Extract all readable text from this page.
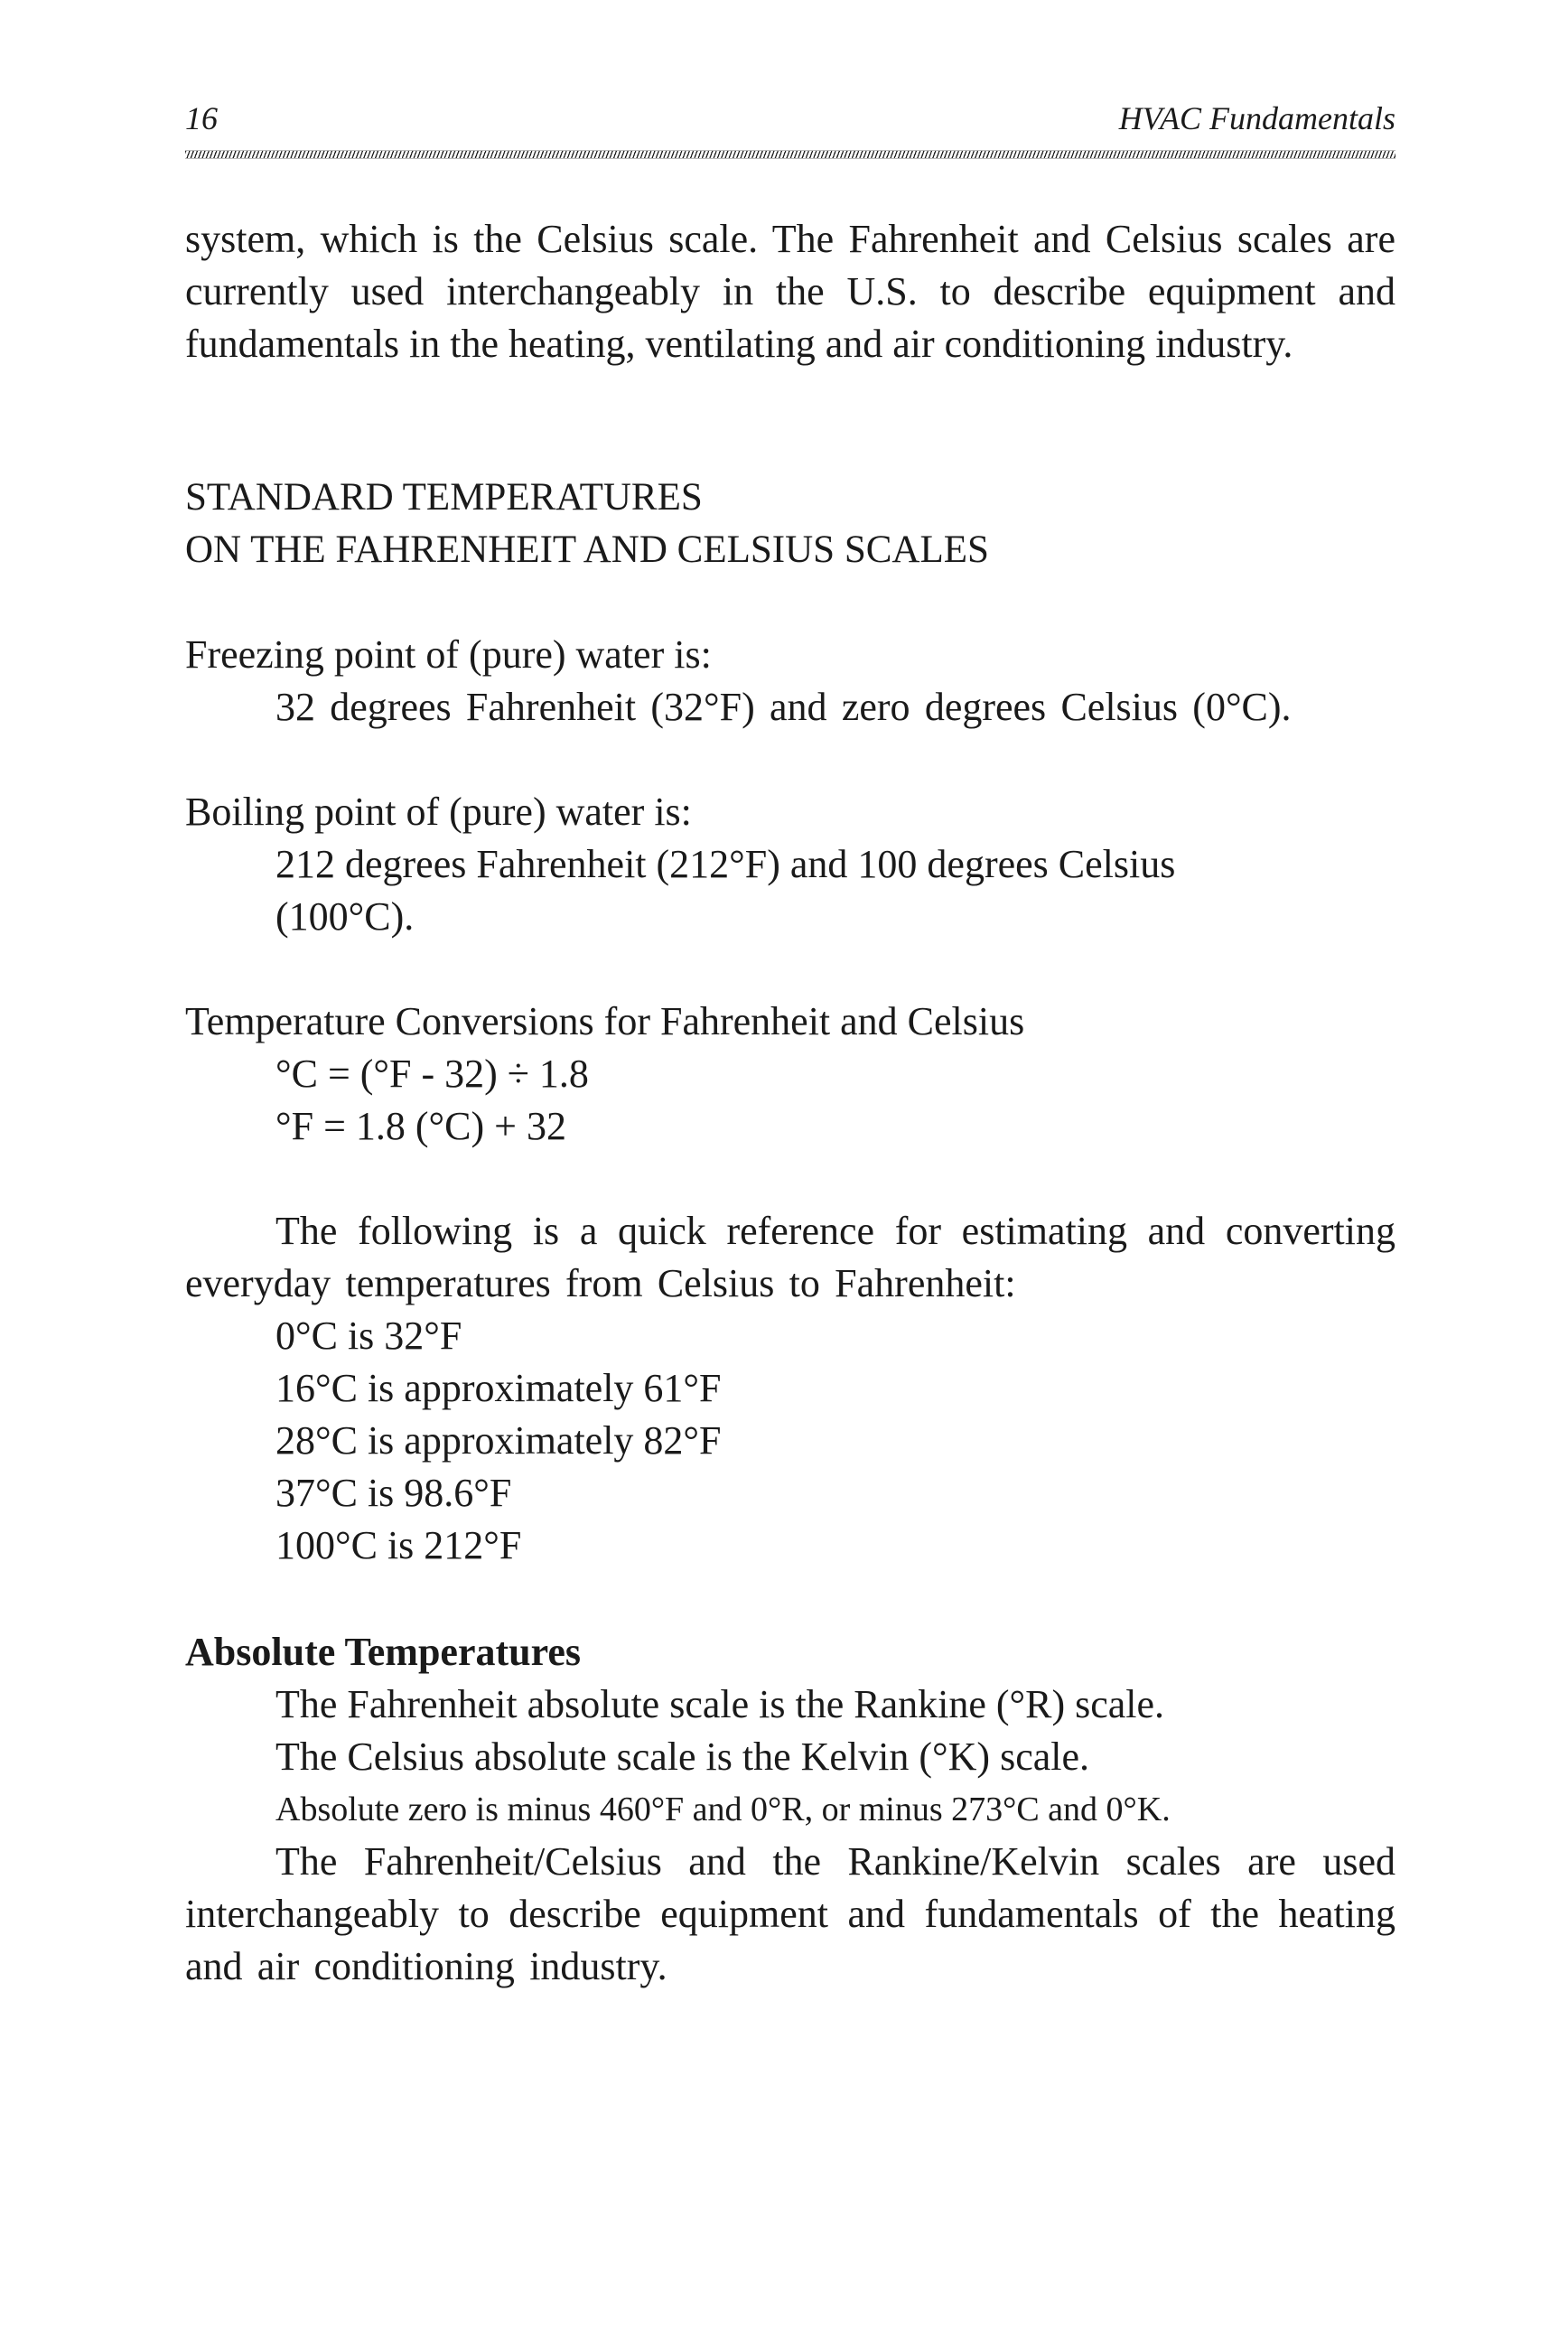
16	HVAC Fundamentals

system, which is the Celsius scale. The Fahrenheit and Celsius scales are currently used interchangeably in the U.S. to describe equipment and fundamentals in the heating, ventilating and air conditioning industry.

STANDARD TEMPERATURES
ON THE FAHRENHEIT AND CELSIUS SCALES
Freezing point of (pure) water is:

32 degrees Fahrenheit (32°F) and zero degrees Celsius (0°C).

Boiling point of (pure) water is:
212 degrees Fahrenheit (212°F) and 100 degrees Celsius
(100°C).
Temperature Conversions for Fahrenheit and Celsius
°C = (°F - 32) ÷ 1.8
°F = 1.8 (°C) + 32

The following is a quick reference for estimating and converting everyday temperatures from Celsius to Fahrenheit:

0°C is 32°F
16°C is approximately 61°F
28°C is approximately 82°F
37°C is 98.6°F
100°C is 212°F
Absolute Temperatures
The Fahrenheit absolute scale is the Rankine (°R) scale.
The Celsius absolute scale is the Kelvin (°K) scale.
Absolute zero is minus 460°F and 0°R, or minus 273°C and 0°K.

The Fahrenheit/Celsius and the Rankine/Kelvin scales are used interchangeably to describe equipment and fundamentals of the heating and air conditioning industry.
